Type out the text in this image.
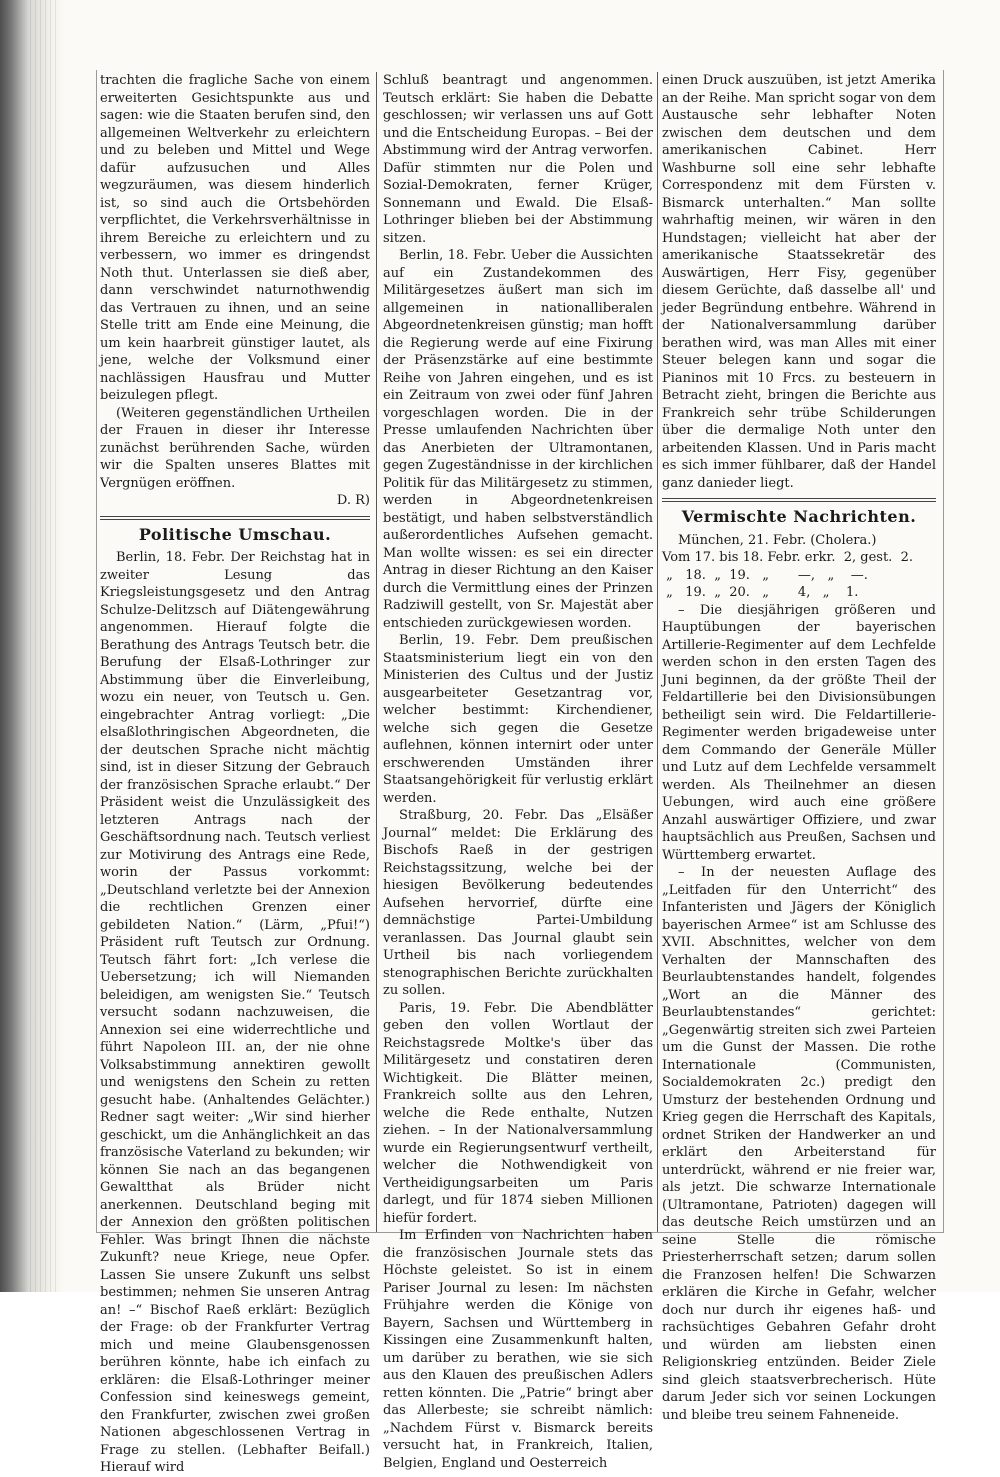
trachten die fragliche Sache von einem erweiterten Gesichtspunkte aus und sagen: wie die Staaten berufen sind, den allgemeinen Weltverkehr zu erleichtern und zu beleben und Mittel und Wege dafür aufzusuchen und Alles wegzuräumen, was diesem hinderlich ist, so sind auch die Ortsbehörden verpflichtet, die Verkehrsverhältnisse in ihrem Bereiche zu erleichtern und zu verbessern, wo immer es dringendst Noth thut. Unterlassen sie dieß aber, dann verschwindet naturnothwendig das Vertrauen zu ihnen, und an seine Stelle tritt am Ende eine Meinung, die um kein haarbreit günstiger lautet, als jene, welche der Volksmund einer nachlässigen Hausfrau und Mutter beizulegen pflegt.

(Weiteren gegenständlichen Urtheilen der Frauen in dieser ihr Interesse zunächst berührenden Sache, würden wir die Spalten unseres Blattes mit Vergnügen eröffnen.

D. R)

Politische Umschau.

Berlin, 18. Febr. Der Reichstag hat in zweiter Lesung das Kriegsleistungsgesetz und den Antrag Schulze-Delitzsch auf Diätengewährung angenommen. Hierauf folgte die Berathung des Antrags Teutsch betr. die Berufung der Elsaß-Lothringer zur Abstimmung über die Einverleibung, wozu ein neuer, von Teutsch u. Gen. eingebrachter Antrag vorliegt: „Die elsaßlothringischen Abgeordneten, die der deutschen Sprache nicht mächtig sind, ist in dieser Sitzung der Gebrauch der französischen Sprache erlaubt.“ Der Präsident weist die Unzulässigkeit des letzteren Antrags nach der Geschäftsordnung nach. Teutsch verliest zur Motivirung des Antrags eine Rede, worin der Passus vorkommt: „Deutschland verletzte bei der Annexion die rechtlichen Grenzen einer gebildeten Nation.“ (Lärm, „Pfui!“) Präsident ruft Teutsch zur Ordnung. Teutsch fährt fort: „Ich verlese die Uebersetzung; ich will Niemanden beleidigen, am wenigsten Sie.“ Teutsch versucht sodann nachzuweisen, die Annexion sei eine widerrechtliche und führt Napoleon III. an, der nie ohne Volksabstimmung annektiren gewollt und wenigstens den Schein zu retten gesucht habe. (Anhaltendes Gelächter.) Redner sagt weiter: „Wir sind hierher geschickt, um die Anhänglichkeit an das französische Vaterland zu bekunden; wir können Sie nach an das begangenen Gewaltthat als Brüder nicht anerkennen. Deutschland beging mit der Annexion den größten politischen Fehler. Was bringt Ihnen die nächste Zukunft? neue Kriege, neue Opfer. Lassen Sie unsere Zukunft uns selbst bestimmen; nehmen Sie unseren Antrag an! –“ Bischof Raeß erklärt: Bezüglich der Frage: ob der Frankfurter Vertrag mich und meine Glaubensgenossen berühren könnte, habe ich einfach zu erklären: die Elsaß-Lothringer meiner Confession sind keineswegs gemeint, den Frankfurter, zwischen zwei großen Nationen abgeschlossenen Vertrag in Frage zu stellen. (Lebhafter Beifall.) Hierauf wird

Schluß beantragt und angenommen. Teutsch erklärt: Sie haben die Debatte geschlossen; wir verlassen uns auf Gott und die Entscheidung Europas. – Bei der Abstimmung wird der Antrag verworfen. Dafür stimmten nur die Polen und Sozial-Demokraten, ferner Krüger, Sonnemann und Ewald. Die Elsaß-Lothringer blieben bei der Abstimmung sitzen.

Berlin, 18. Febr. Ueber die Aussichten auf ein Zustandekommen des Militärgesetzes äußert man sich im allgemeinen in nationalliberalen Abgeordnetenkreisen günstig; man hofft die Regierung werde auf eine Fixirung der Präsenzstärke auf eine bestimmte Reihe von Jahren eingehen, und es ist ein Zeitraum von zwei oder fünf Jahren vorgeschlagen worden. Die in der Presse umlaufenden Nachrichten über das Anerbieten der Ultramontanen, gegen Zugeständnisse in der kirchlichen Politik für das Militärgesetz zu stimmen, werden in Abgeordnetenkreisen bestätigt, und haben selbstverständlich außerordentliches Aufsehen gemacht. Man wollte wissen: es sei ein directer Antrag in dieser Richtung an den Kaiser durch die Vermittlung eines der Prinzen Radziwill gestellt, von Sr. Majestät aber entschieden zurückgewiesen worden.

Berlin, 19. Febr. Dem preußischen Staatsministerium liegt ein von den Ministerien des Cultus und der Justiz ausgearbeiteter Gesetzantrag vor, welcher bestimmt: Kirchendiener, welche sich gegen die Gesetze auflehnen, können internirt oder unter erschwerenden Umständen ihrer Staatsangehörigkeit für verlustig erklärt werden.

Straßburg, 20. Febr. Das „Elsäßer Journal“ meldet: Die Erklärung des Bischofs Raeß in der gestrigen Reichstagssitzung, welche bei der hiesigen Bevölkerung bedeutendes Aufsehen hervorrief, dürfte eine demnächstige Partei-Umbildung veranlassen. Das Journal glaubt sein Urtheil bis nach vorliegendem stenographischen Berichte zurückhalten zu sollen.

Paris, 19. Febr. Die Abendblätter geben den vollen Wortlaut der Reichstagsrede Moltke's über das Militärgesetz und constatiren deren Wichtigkeit. Die Blätter meinen, Frankreich sollte aus den Lehren, welche die Rede enthalte, Nutzen ziehen. – In der Nationalversammlung wurde ein Regierungsentwurf vertheilt, welcher die Nothwendigkeit von Vertheidigungsarbeiten um Paris darlegt, und für 1874 sieben Millionen hiefür fordert.

Im Erfinden von Nachrichten haben die französischen Journale stets das Höchste geleistet. So ist in einem Pariser Journal zu lesen: Im nächsten Frühjahre werden die Könige von Bayern, Sachsen und Württemberg in Kissingen eine Zusammenkunft halten, um darüber zu berathen, wie sie sich aus den Klauen des preußischen Adlers retten könnten. Die „Patrie“ bringt aber das Allerbeste; sie schreibt nämlich: „Nachdem Fürst v. Bismarck bereits versucht hat, in Frankreich, Italien, Belgien, England und Oesterreich

einen Druck auszuüben, ist jetzt Amerika an der Reihe. Man spricht sogar von dem Austausche sehr lebhafter Noten zwischen dem deutschen und dem amerikanischen Cabinet. Herr Washburne soll eine sehr lebhafte Correspondenz mit dem Fürsten v. Bismarck unterhalten.“ Man sollte wahrhaftig meinen, wir wären in den Hundstagen; vielleicht hat aber der amerikanische Staatssekretär des Auswärtigen, Herr Fisy, gegenüber diesem Gerüchte, daß dasselbe all' und jeder Begründung entbehre. Während in der Nationalversammlung darüber berathen wird, was man Alles mit einer Steuer belegen kann und sogar die Pianinos mit 10 Frcs. zu besteuern in Betracht zieht, bringen die Berichte aus Frankreich sehr trübe Schilderungen über die dermalige Noth unter den arbeitenden Klassen. Und in Paris macht es sich immer fühlbarer, daß der Handel ganz danieder liegt.

Vermischte Nachrichten.

München, 21. Febr. (Cholera.)

Vom 17. bis 18. Febr. erkr.  2, gest.  2.
„   18.  „  19.   „       —,   „    —.
„   19.  „  20.   „       4,   „    1.

– Die diesjährigen größeren und Hauptübungen der bayerischen Artillerie-Regimenter auf dem Lechfelde werden schon in den ersten Tagen des Juni beginnen, da der größte Theil der Feldartillerie bei den Divisionsübungen betheiligt sein wird. Die Feldartillerie-Regimenter werden brigadeweise unter dem Commando der Generäle Müller und Lutz auf dem Lechfelde versammelt werden. Als Theilnehmer an diesen Uebungen, wird auch eine größere Anzahl auswärtiger Offiziere, und zwar hauptsächlich aus Preußen, Sachsen und Württemberg erwartet.

– In der neuesten Auflage des „Leitfaden für den Unterricht“ des Infanteristen und Jägers der Königlich bayerischen Armee“ ist am Schlusse des XVII. Abschnittes, welcher von dem Verhalten der Mannschaften des Beurlaubtenstandes handelt, folgendes „Wort an die Männer des Beurlaubtenstandes“ gerichtet: „Gegenwärtig streiten sich zwei Parteien um die Gunst der Massen. Die rothe Internationale (Communisten, Socialdemokraten 2c.) predigt den Umsturz der bestehenden Ordnung und Krieg gegen die Herrschaft des Kapitals, ordnet Striken der Handwerker an und erklärt den Arbeiterstand für unterdrückt, während er nie freier war, als jetzt. Die schwarze Internationale (Ultramontane, Patrioten) dagegen will das deutsche Reich umstürzen und an seine Stelle die römische Priesterherrschaft setzen; darum sollen die Franzosen helfen! Die Schwarzen erklären die Kirche in Gefahr, welcher doch nur durch ihr eigenes haß- und rachsüchtiges Gebahren Gefahr droht und würden am liebsten einen Religionskrieg entzünden. Beider Ziele sind gleich staatsverbrecherisch. Hüte darum Jeder sich vor seinen Lockungen und bleibe treu seinem Fahneneide.
